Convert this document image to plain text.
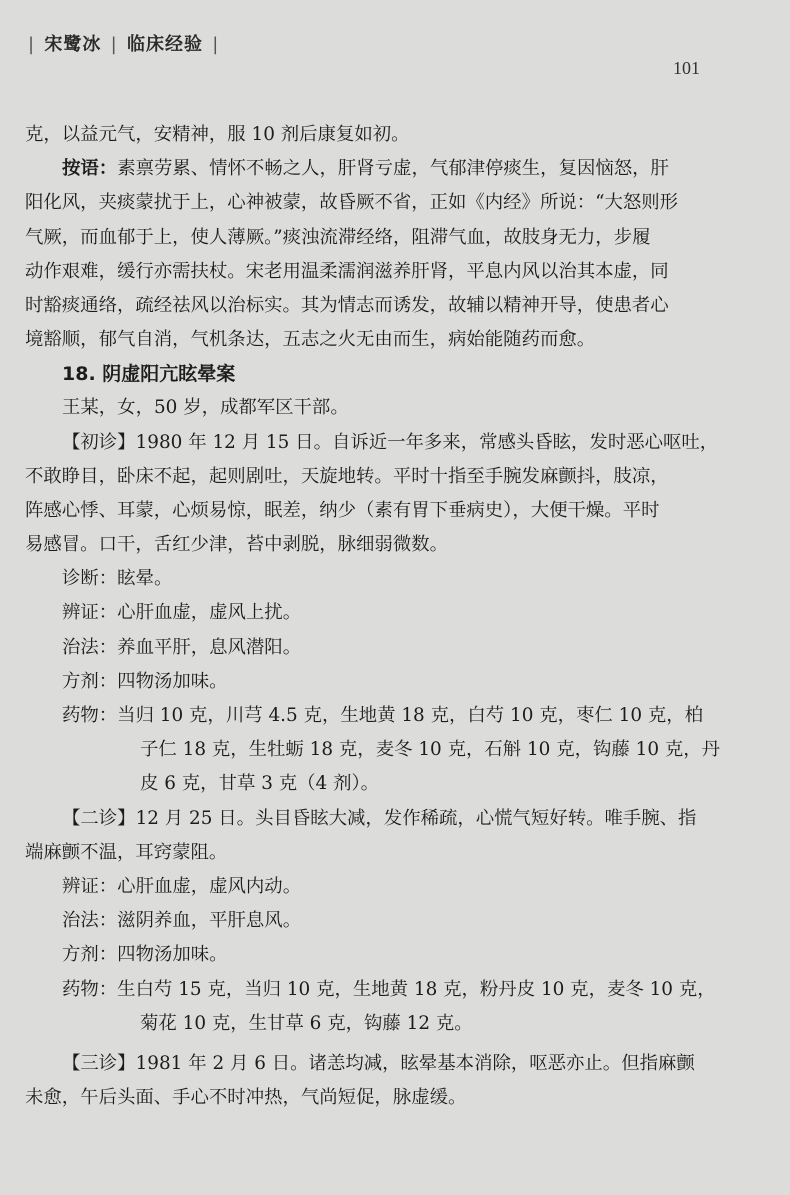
| 宋鹭冰 | 临床经验 |
101
克，以益元气，安精神，服 10 剂后康复如初。
按语：素禀劳累、情怀不畅之人，肝肾亏虚，气郁津停痰生，复因恼怒，肝
阳化风，夹痰蒙扰于上，心神被蒙，故昏厥不省，正如《内经》所说：“大怒则形
气厥，而血郁于上，使人薄厥。”痰浊流滞经络，阻滞气血，故肢身无力，步履
动作艰难，缓行亦需扶杖。宋老用温柔濡润滋养肝肾，平息内风以治其本虚，同
时豁痰通络，疏经祛风以治标实。其为情志而诱发，故辅以精神开导，使患者心
境豁顺，郁气自消，气机条达，五志之火无由而生，病始能随药而愈。
18. 阴虚阳亢眩晕案
王某，女，50 岁，成都军区干部。
【初诊】1980 年 12 月 15 日。自诉近一年多来，常感头昏眩，发时恶心呕吐，
不敢睁目，卧床不起，起则剧吐，天旋地转。平时十指至手腕发麻颤抖，肢凉，
阵感心悸、耳蒙，心烦易惊，眠差，纳少（素有胃下垂病史），大便干燥。平时
易感冒。口干，舌红少津，苔中剥脱，脉细弱微数。
诊断：眩晕。
辨证：心肝血虚，虚风上扰。
治法：养血平肝，息风潜阳。
方剂：四物汤加味。
药物：当归 10 克，川芎 4.5 克，生地黄 18 克，白芍 10 克，枣仁 10 克，柏
子仁 18 克，生牡蛎 18 克，麦冬 10 克，石斛 10 克，钩藤 10 克，丹
皮 6 克，甘草 3 克（4 剂）。
【二诊】12 月 25 日。头目昏眩大减，发作稀疏，心慌气短好转。唯手腕、指
端麻颤不温，耳窍蒙阻。
辨证：心肝血虚，虚风内动。
治法：滋阴养血，平肝息风。
方剂：四物汤加味。
药物：生白芍 15 克，当归 10 克，生地黄 18 克，粉丹皮 10 克，麦冬 10 克，
菊花 10 克，生甘草 6 克，钩藤 12 克。
【三诊】1981 年 2 月 6 日。诸恙均减，眩晕基本消除，呕恶亦止。但指麻颤
未愈，午后头面、手心不时冲热，气尚短促，脉虚缓。
